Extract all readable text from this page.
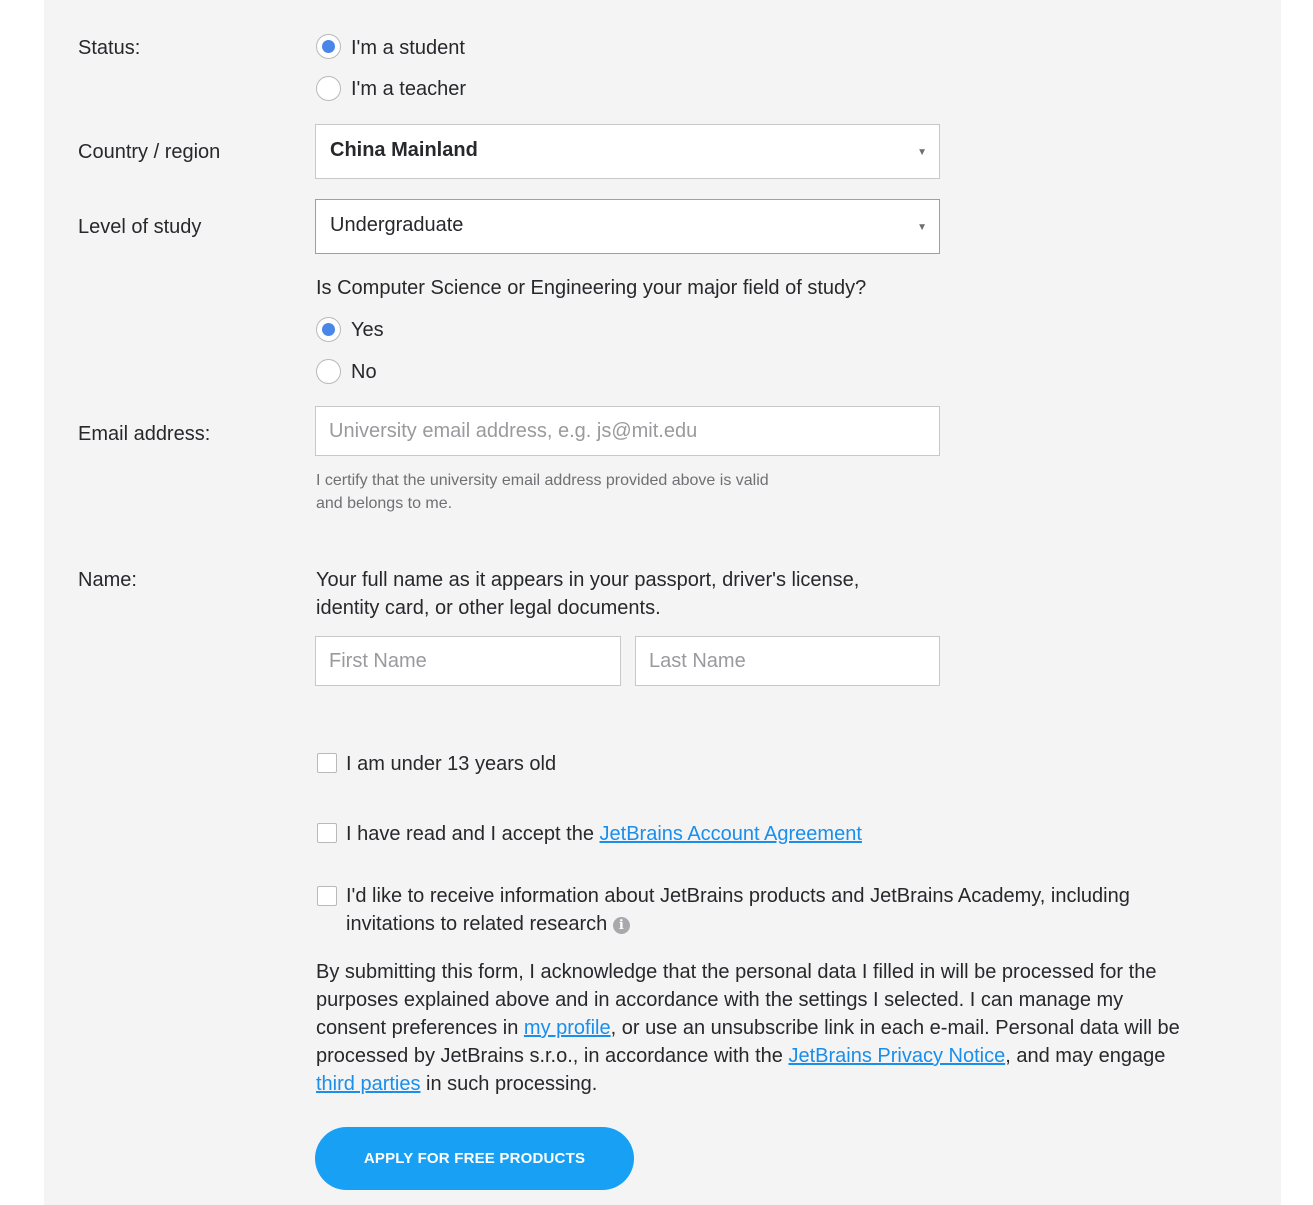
Status:	I'm a student
I'm a teacher
Country / region	China Mainland	▼
Level of study	Undergraduate	▼
Is Computer Science or Engineering your major field of study?
Yes
No
Email address:
University email address, e.g. js@mit.edu
I certify that the university email address provided above is valid
and belongs to me.
Name:	Your full name as it appears in your passport, driver's license,
identity card, or other legal documents.
First Name
Last Name
I am under 13 years old
I have read and I accept the JetBrains Account Agreement
I'd like to receive information about JetBrains products and JetBrains Academy, including
invitations to related research i
By submitting this form, I acknowledge that the personal data I filled in will be processed for the
purposes explained above and in accordance with the settings I selected. I can manage my
consent preferences in my profile, or use an unsubscribe link in each e-mail. Personal data will be
processed by JetBrains s.r.o., in accordance with the JetBrains Privacy Notice, and may engage
third parties in such processing.
APPLY FOR FREE PRODUCTS
